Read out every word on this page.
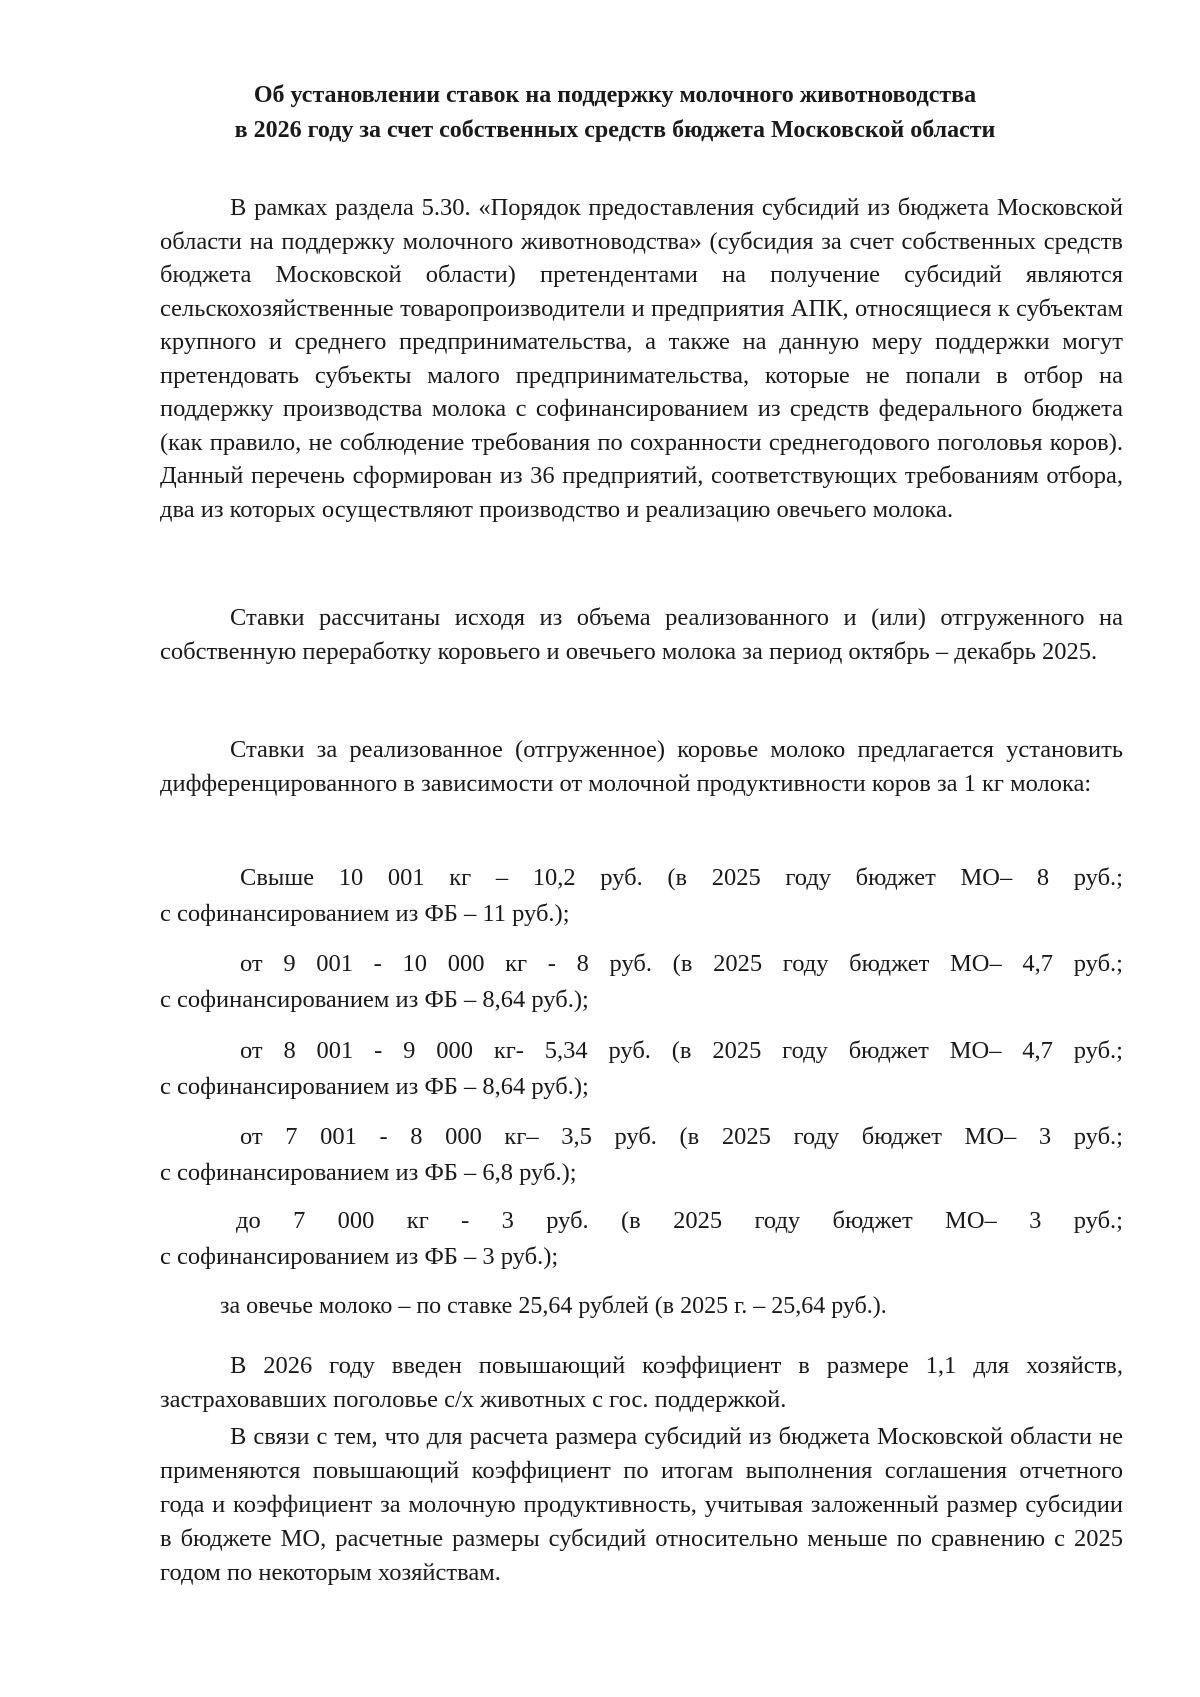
Об установлении ставок на поддержку молочного животноводства
в 2026 году за счет собственных средств бюджета Московской области

В рамках раздела 5.30. «Порядок предоставления субсидий из бюджета Московской области на поддержку молочного животноводства» (субсидия за счет собственных средств бюджета Московской области) претендентами на получение субсидий являются сельскохозяйственные товаропроизводители и предприятия АПК, относящиеся к субъектам крупного и среднего предпринимательства, а также на данную меру поддержки могут претендовать субъекты малого предпринимательства, которые не попали в отбор на поддержку производства молока с софинансированием из средств федерального бюджета (как правило, не соблюдение требования по сохранности среднегодового поголовья коров). Данный перечень сформирован из 36 предприятий, соответствующих требованиям отбора, два из которых осуществляют производство и реализацию овечьего молока.

Ставки рассчитаны исходя из объема реализованного и (или) отгруженного на собственную переработку коровьего и овечьего молока за период октябрь – декабрь 2025.

Ставки за реализованное (отгруженное) коровье молоко предлагается установить дифференцированного в зависимости от молочной продуктивности коров за 1 кг молока:

Свыше 10 001 кг – 10,2 руб. (в 2025 году бюджет МО– 8 руб.;
с софинансированием из ФБ – 11 руб.);
от 9 001 - 10 000 кг - 8 руб. (в 2025 году бюджет МО– 4,7 руб.;
с софинансированием из ФБ – 8,64 руб.);
от 8 001 - 9 000 кг- 5,34 руб. (в 2025 году бюджет МО– 4,7 руб.;
с софинансированием из ФБ – 8,64 руб.);
от 7 001 - 8 000 кг– 3,5 руб. (в 2025 году бюджет МО– 3 руб.;
с софинансированием из ФБ – 6,8 руб.);
до 7 000 кг - 3 руб. (в 2025 году бюджет МО– 3 руб.;
с софинансированием из ФБ – 3 руб.);

за овечье молоко – по ставке 25,64 рублей (в 2025 г. – 25,64 руб.).

В 2026 году введен повышающий коэффициент в размере 1,1 для хозяйств, застраховавших поголовье с/х животных с гос. поддержкой.

В связи с тем, что для расчета размера субсидий из бюджета Московской области не применяются повышающий коэффициент по итогам выполнения соглашения отчетного года и коэффициент за молочную продуктивность, учитывая заложенный размер субсидии в бюджете МО, расчетные размеры субсидий относительно меньше по сравнению с 2025 годом по некоторым хозяйствам.
